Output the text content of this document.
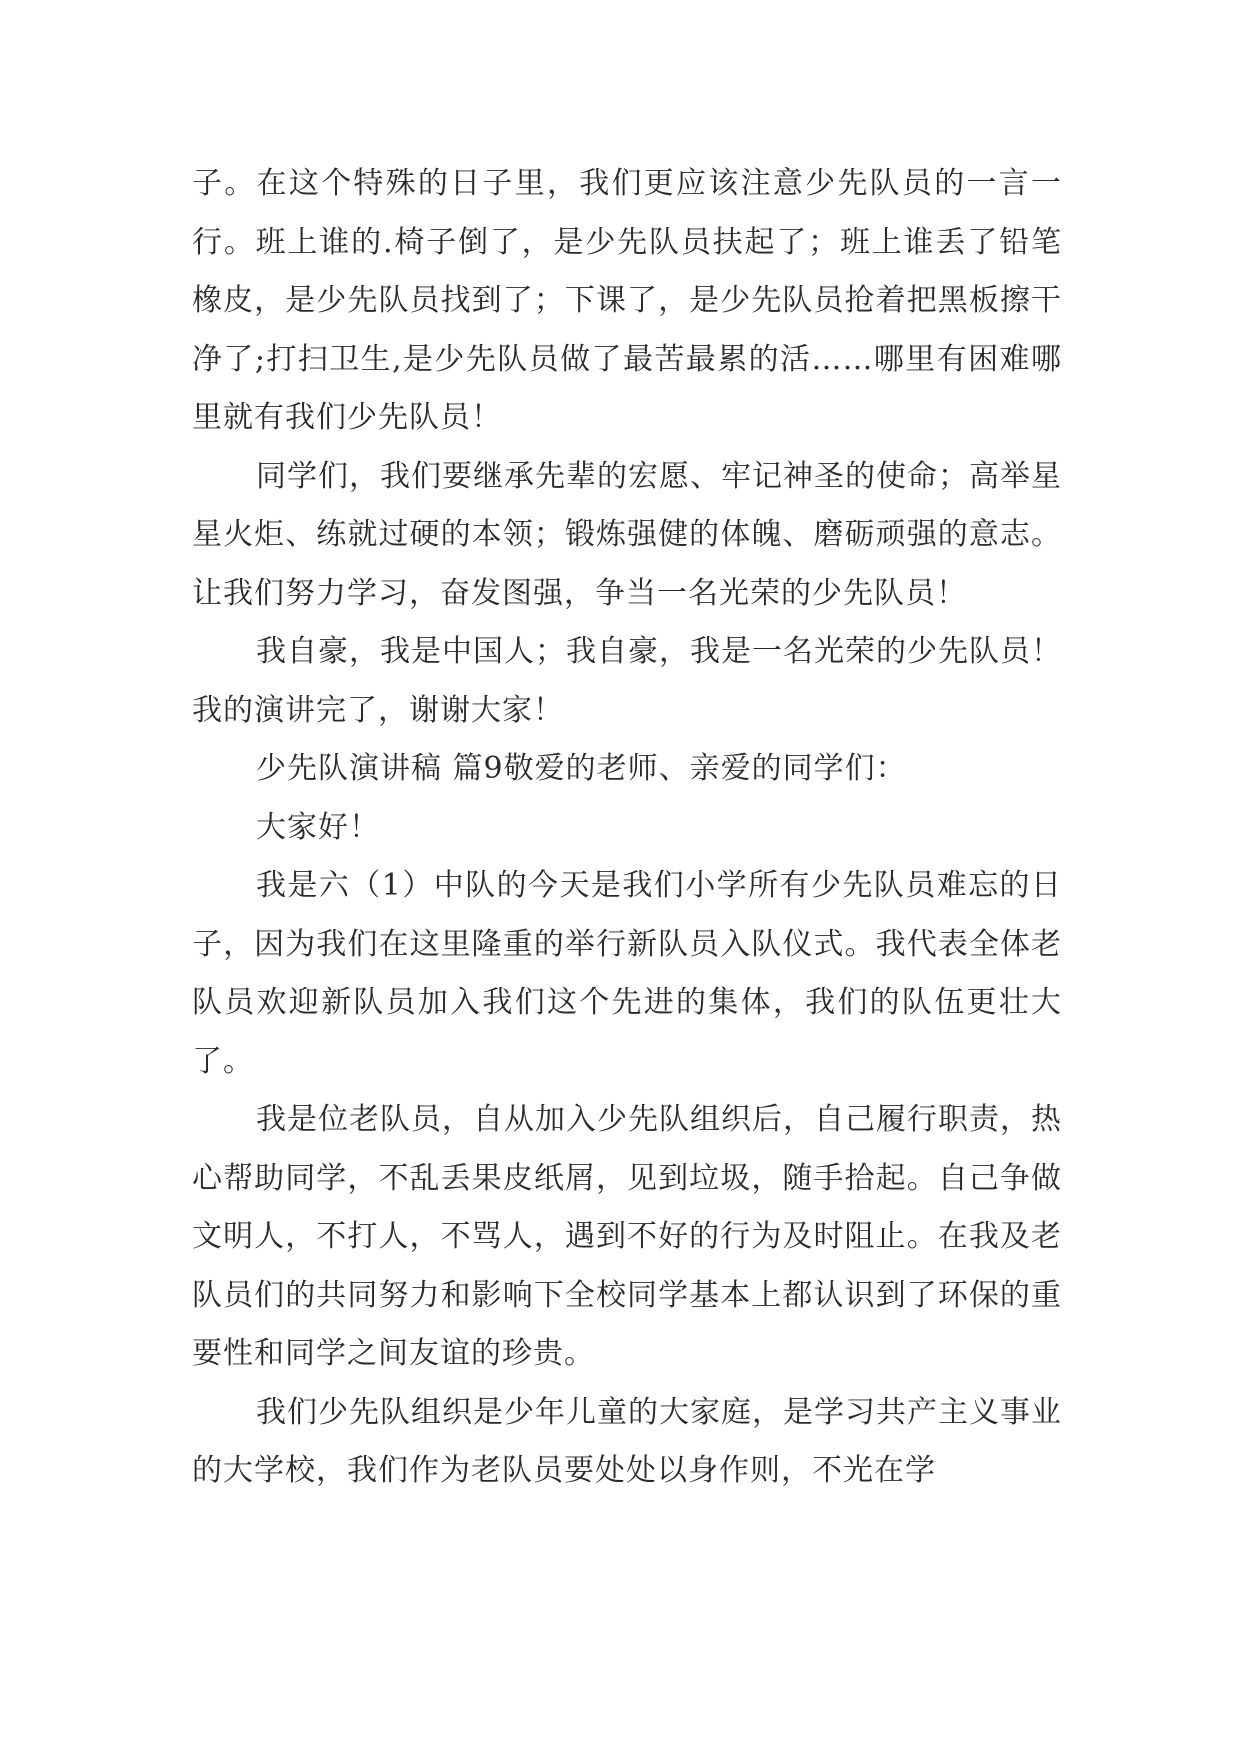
子。在这个特殊的日子里，我们更应该注意少先队员的一言一行。班上谁的.椅子倒了，是少先队员扶起了；班上谁丢了铅笔橡皮，是少先队员找到了；下课了，是少先队员抢着把黑板擦干净了;打扫卫生,是少先队员做了最苦最累的活……哪里有困难哪里就有我们少先队员！

同学们，我们要继承先辈的宏愿、牢记神圣的使命；高举星星火炬、练就过硬的本领；锻炼强健的体魄、磨砺顽强的意志。让我们努力学习，奋发图强，争当一名光荣的少先队员！

我自豪，我是中国人；我自豪，我是一名光荣的少先队员！我的演讲完了，谢谢大家！

少先队演讲稿 篇9敬爱的老师、亲爱的同学们：

大家好！

我是六（1）中队的今天是我们小学所有少先队员难忘的日子，因为我们在这里隆重的举行新队员入队仪式。我代表全体老队员欢迎新队员加入我们这个先进的集体，我们的队伍更壮大了。

我是位老队员，自从加入少先队组织后，自己履行职责，热心帮助同学，不乱丢果皮纸屑，见到垃圾，随手拾起。自己争做文明人，不打人，不骂人，遇到不好的行为及时阻止。在我及老队员们的共同努力和影响下全校同学基本上都认识到了环保的重要性和同学之间友谊的珍贵。

我们少先队组织是少年儿童的大家庭，是学习共产主义事业的大学校，我们作为老队员要处处以身作则，不光在学
